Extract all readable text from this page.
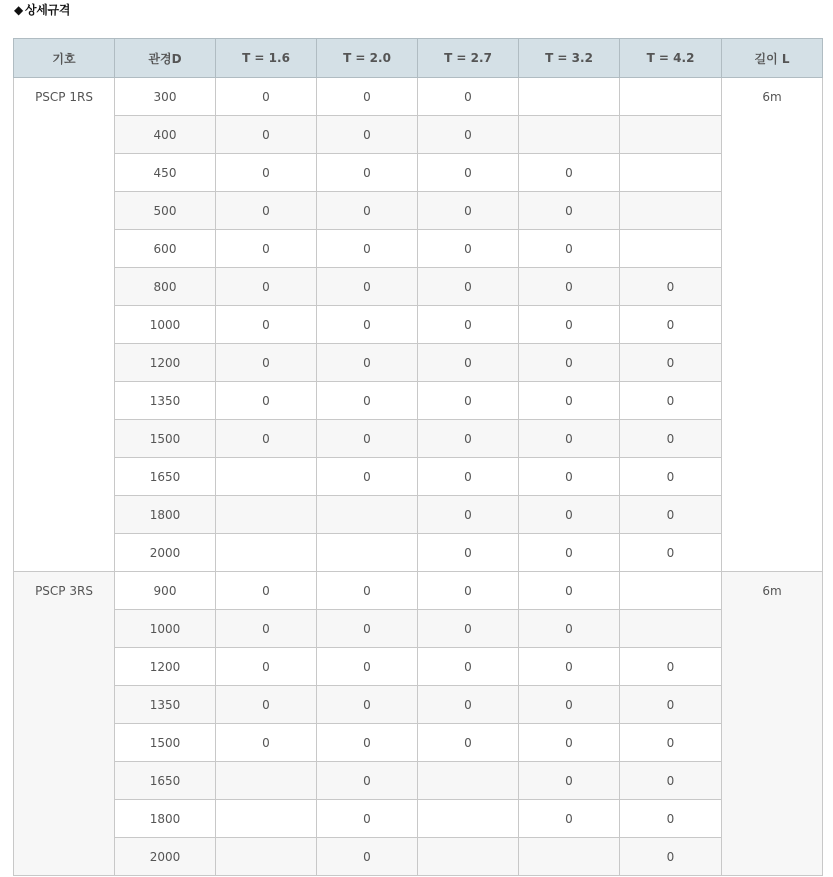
◆ 상세규격
기호	관경D	T = 1.6	T = 2.0	T = 2.7	T = 3.2	T = 4.2	길이 L
PSCP 1RS	300	0	0	0			6m
	400	0	0	0			
	450	0	0	0	0		
	500	0	0	0	0		
	600	0	0	0	0		
	800	0	0	0	0	0	
	1000	0	0	0	0	0	
	1200	0	0	0	0	0	
	1350	0	0	0	0	0	
	1500	0	0	0	0	0	
	1650		0	0	0	0	
	1800			0	0	0	
	2000			0	0	0	
PSCP 3RS	900	0	0	0	0		6m
	1000	0	0	0	0		
	1200	0	0	0	0	0	
	1350	0	0	0	0	0	
	1500	0	0	0	0	0	
	1650		0		0	0	
	1800		0		0	0	
	2000		0			0	
